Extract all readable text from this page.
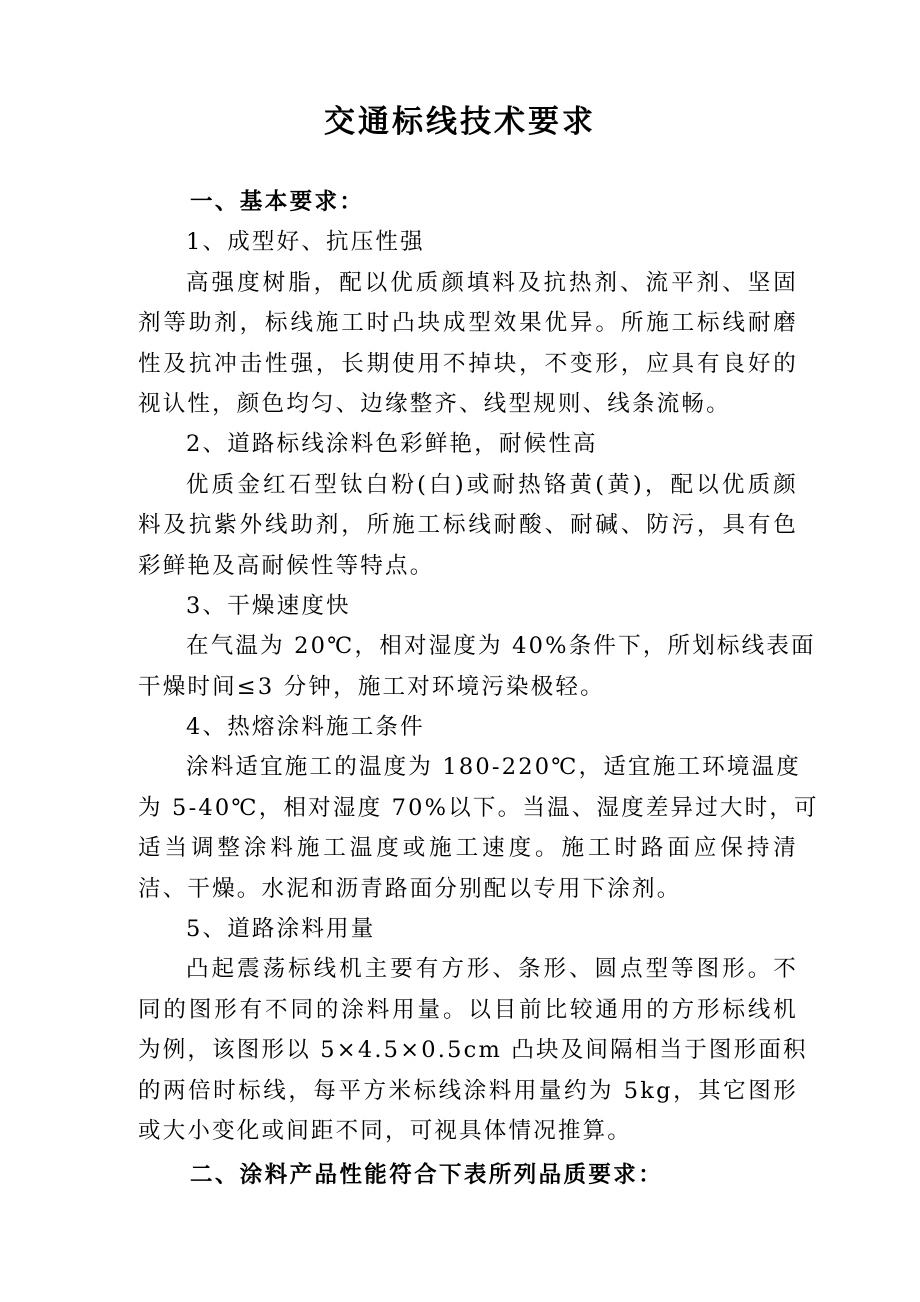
交通标线技术要求
一、基本要求：
1、成型好、抗压性强
高强度树脂，配以优质颜填料及抗热剂、流平剂、坚固
剂等助剂，标线施工时凸块成型效果优异。所施工标线耐磨
性及抗冲击性强，长期使用不掉块，不变形，应具有良好的
视认性，颜色均匀、边缘整齐、线型规则、线条流畅。
2、道路标线涂料色彩鲜艳，耐候性高
优质金红石型钛白粉(白)或耐热铬黄(黄)，配以优质颜
料及抗紫外线助剂，所施工标线耐酸、耐碱、防污，具有色
彩鲜艳及高耐候性等特点。
3、干燥速度快
在气温为 20℃，相对湿度为 40%条件下，所划标线表面
干燥时间≤3 分钟，施工对环境污染极轻。
4、热熔涂料施工条件
涂料适宜施工的温度为 180-220℃，适宜施工环境温度
为 5-40℃，相对湿度 70%以下。当温、湿度差异过大时，可
适当调整涂料施工温度或施工速度。施工时路面应保持清
洁、干燥。水泥和沥青路面分别配以专用下涂剂。
5、道路涂料用量
凸起震荡标线机主要有方形、条形、圆点型等图形。不
同的图形有不同的涂料用量。以目前比较通用的方形标线机
为例，该图形以 5×4.5×0.5cm 凸块及间隔相当于图形面积
的两倍时标线，每平方米标线涂料用量约为 5kg，其它图形
或大小变化或间距不同，可视具体情况推算。
二、涂料产品性能符合下表所列品质要求：
